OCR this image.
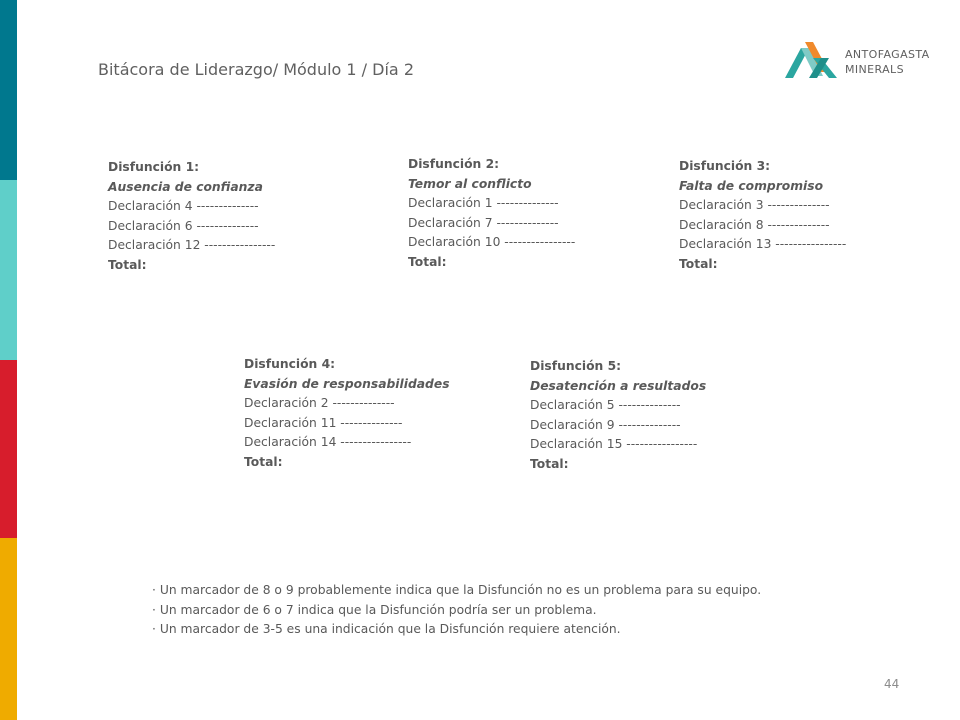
Bitácora de Liderazgo/ Módulo 1 / Día 2
ANTOFAGASTA
MINERALS
Disfunción 1:
Ausencia de confianza
Declaración 4 --------------
Declaración 6 --------------
Declaración 12 ----------------
Total:
Disfunción 2:
Temor al conflicto
Declaración 1 --------------
Declaración 7 --------------
Declaración 10 ----------------
Total:
Disfunción 3:
Falta de compromiso
Declaración 3 --------------
Declaración 8 --------------
Declaración 13 ----------------
Total:
Disfunción 4:
Evasión de responsabilidades
Declaración 2 --------------
Declaración 11 --------------
Declaración 14 ----------------
Total:
Disfunción 5:
Desatención a resultados
Declaración 5 --------------
Declaración 9 --------------
Declaración 15 ----------------
Total:
· Un marcador de 8 o 9 probablemente indica que la Disfunción no es un problema para su equipo.
· Un marcador de 6 o 7 indica que la Disfunción podría ser un problema.
· Un marcador de 3-5 es una indicación que la Disfunción requiere atención.
44
